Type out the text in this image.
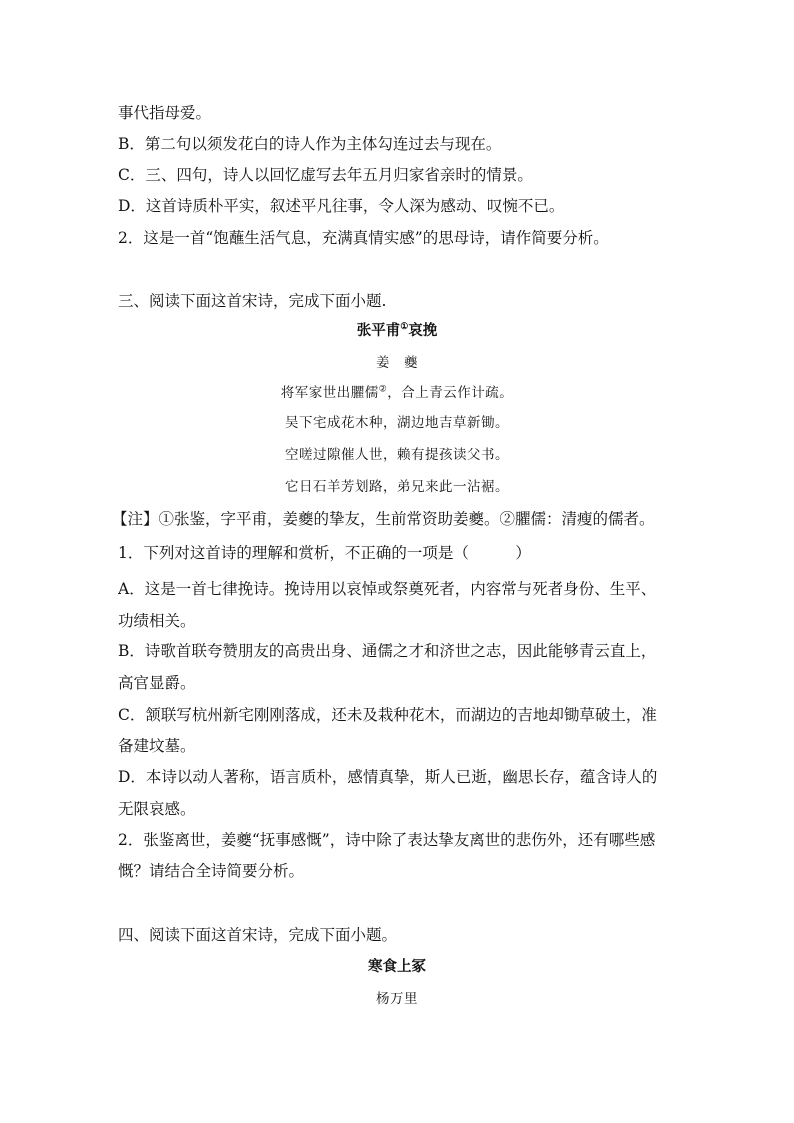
事代指母爱。
B．第二句以须发花白的诗人作为主体勾连过去与现在。
C．三、四句，诗人以回忆虚写去年五月归家省亲时的情景。
D．这首诗质朴平实，叙述平凡往事，令人深为感动、叹惋不已。
2．这是一首“饱蘸生活气息，充满真情实感”的思母诗，请作简要分析。
三、阅读下面这首宋诗，完成下面小题.
张平甫①哀挽
姜　夔
将军家世出臞儒②，合上青云作计疏。
吴下宅成花木种，湖边地吉草新锄。
空嗟过隙催人世，赖有提孩读父书。
它日石羊芳划路，弟兄来此一沾裾。
【注】①张鉴，字平甫，姜夔的挚友，生前常资助姜夔。②臞儒：清瘦的儒者。
1．下列对这首诗的理解和赏析，不正确的一项是（　　　）
A．这是一首七律挽诗。挽诗用以哀悼或祭奠死者，内容常与死者身份、生平、
功绩相关。
B．诗歌首联夸赞朋友的高贵出身、通儒之才和济世之志，因此能够青云直上，
高官显爵。
C．颔联写杭州新宅刚刚落成，还未及栽种花木，而湖边的吉地却锄草破土，准
备建坟墓。
D．本诗以动人著称，语言质朴，感情真挚，斯人已逝，幽思长存，蕴含诗人的
无限哀感。
2．张鉴离世，姜夔“抚事感慨”，诗中除了表达挚友离世的悲伤外，还有哪些感
慨？请结合全诗简要分析。
四、阅读下面这首宋诗，完成下面小题。
寒食上冢
杨万里
